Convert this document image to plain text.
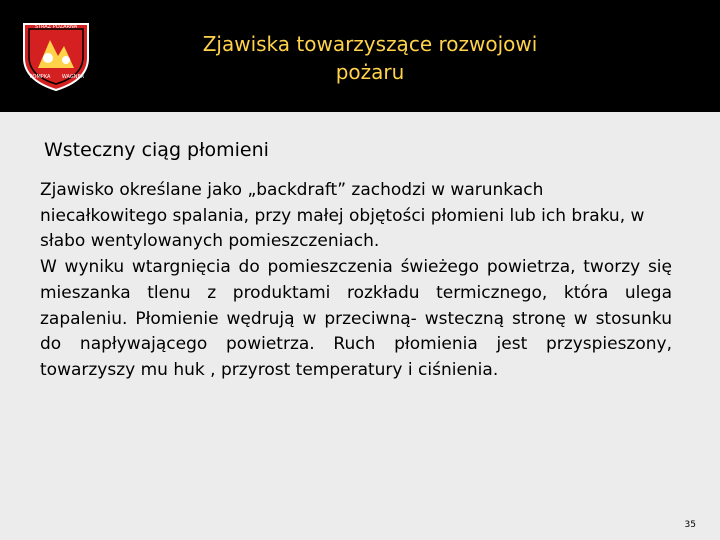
STRAŻ POŻARNA
POMPKA WAGNER
Zjawiska towarzyszące rozwojowi
pożaru
Wsteczny ciąg płomieni

Zjawisko określane jako „backdraft” zachodzi w warunkach niecałkowitego spalania, przy małej objętości płomieni lub ich braku, w słabo wentylowanych pomieszczeniach.

W wyniku wtargnięcia do pomieszczenia świeżego powietrza, tworzy się mieszanka tlenu z produktami rozkładu termicznego, która ulega zapaleniu. Płomienie wędrują w przeciwną- wsteczną stronę w stosunku do napływającego powietrza. Ruch płomienia jest przyspieszony, towarzyszy mu huk , przyrost temperatury i ciśnienia.

35
